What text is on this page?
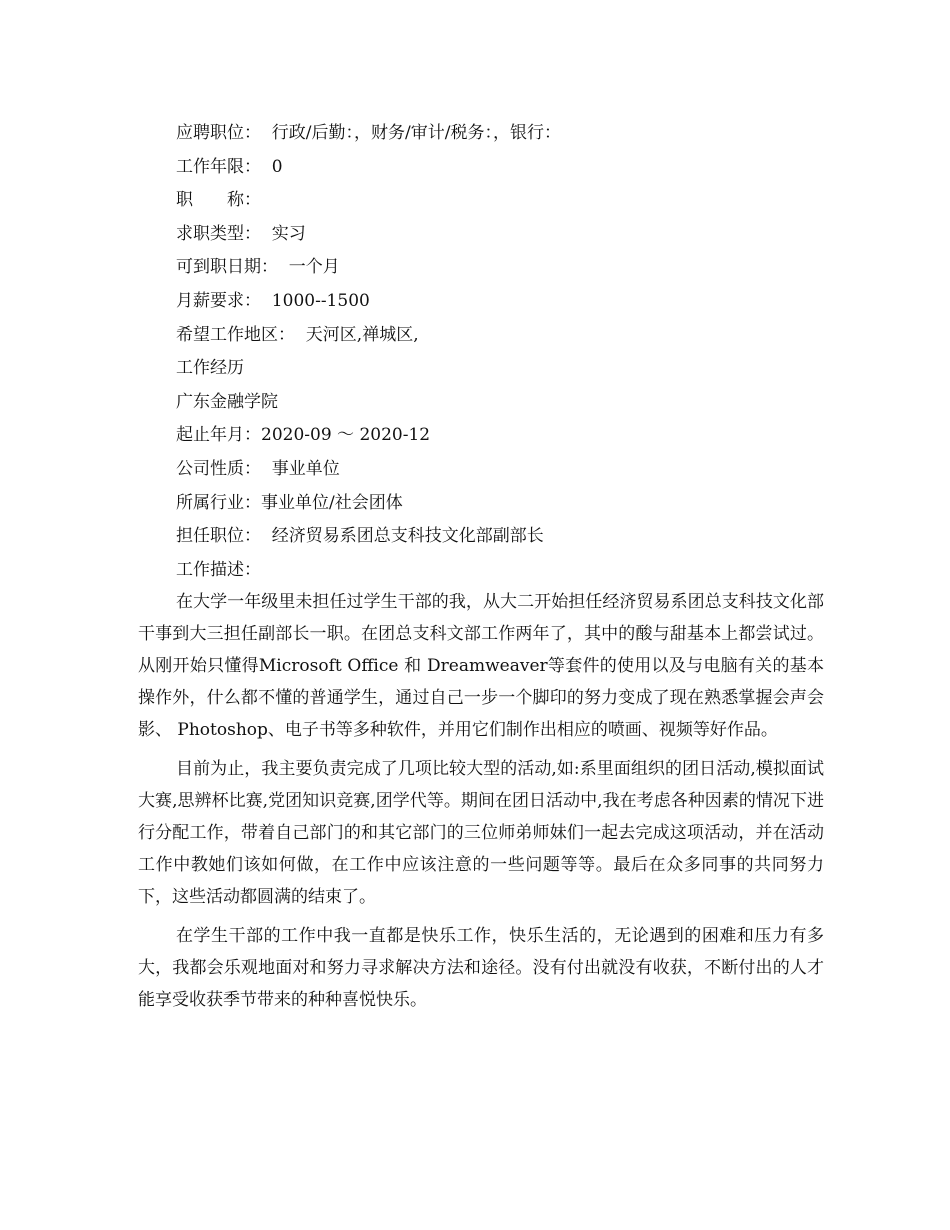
应聘职位：  行政/后勤：，财务/审计/税务：，银行：
工作年限：  0
职　　称：
求职类型：  实习
可到职日期：  一个月
月薪要求：  1000--1500
希望工作地区：  天河区,禅城区,
工作经历
广东金融学院
起止年月：2020-09 ～ 2020-12
公司性质：  事业单位
所属行业：事业单位/社会团体
担任职位：  经济贸易系团总支科技文化部副部长
工作描述：

在大学一年级里未担任过学生干部的我，从大二开始担任经济贸易系团总支科技文化部干事到大三担任副部长一职。在团总支科文部工作两年了，其中的酸与甜基本上都尝试过。从刚开始只懂得Microsoft Office 和 Dreamweaver等套件的使用以及与电脑有关的基本操作外，什么都不懂的普通学生，通过自己一步一个脚印的努力变成了现在熟悉掌握会声会影、 Photoshop、电子书等多种软件，并用它们制作出相应的喷画、视频等好作品。

目前为止，我主要负责完成了几项比较大型的活动,如:系里面组织的团日活动,模拟面试大赛,思辨杯比赛,党团知识竞赛,团学代等。期间在团日活动中,我在考虑各种因素的情况下进行分配工作，带着自己部门的和其它部门的三位师弟师妹们一起去完成这项活动，并在活动工作中教她们该如何做，在工作中应该注意的一些问题等等。最后在众多同事的共同努力下，这些活动都圆满的结束了。

在学生干部的工作中我一直都是快乐工作，快乐生活的，无论遇到的困难和压力有多大，我都会乐观地面对和努力寻求解决方法和途径。没有付出就没有收获，不断付出的人才能享受收获季节带来的种种喜悦快乐。
